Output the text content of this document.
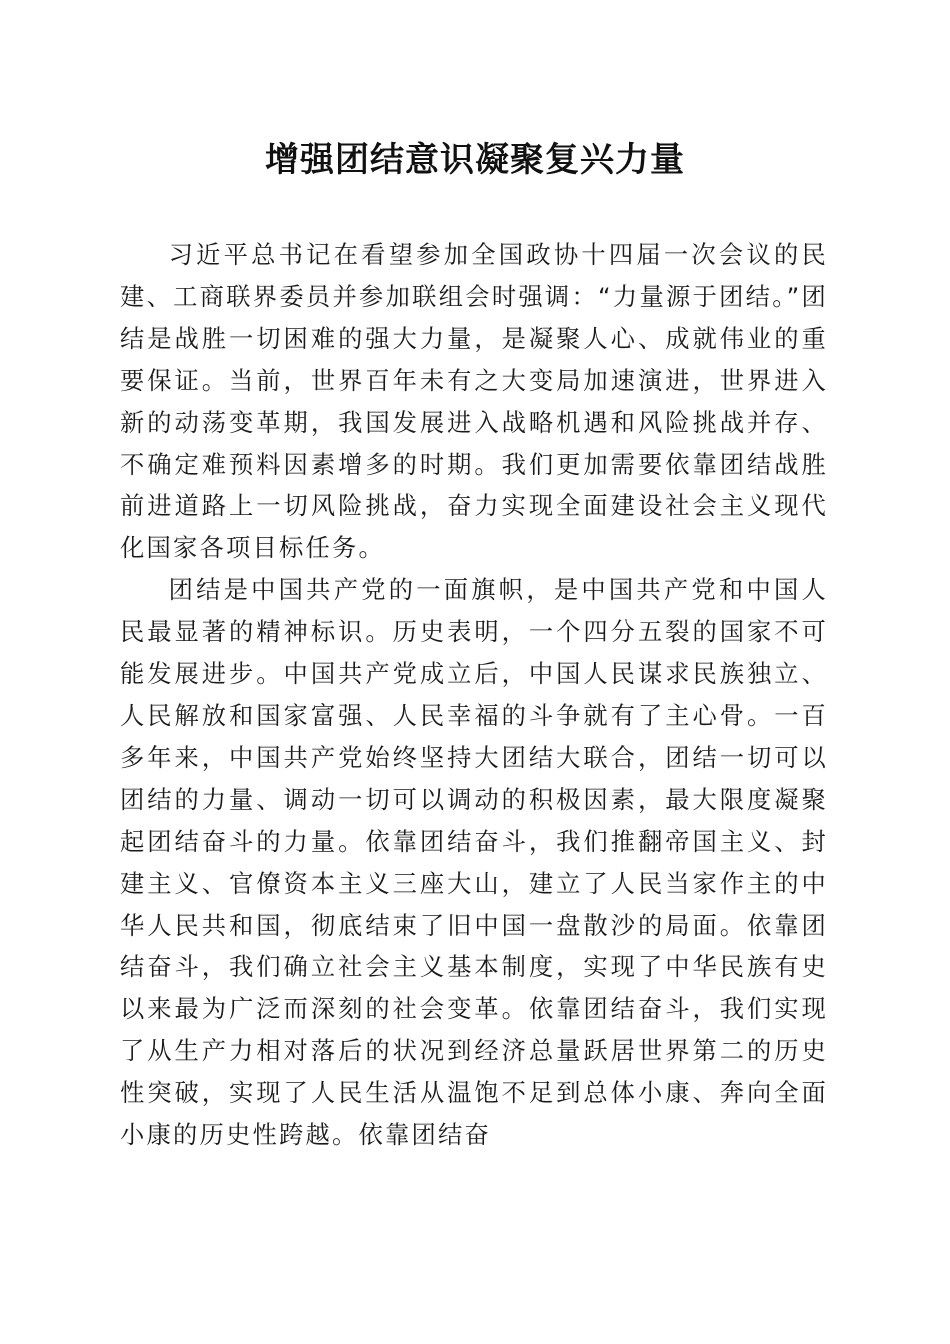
增强团结意识凝聚复兴力量

习近平总书记在看望参加全国政协十四届一次会议的民建、工商联界委员并参加联组会时强调：“力量源于团结。”团结是战胜一切困难的强大力量，是凝聚人心、成就伟业的重要保证。当前，世界百年未有之大变局加速演进，世界进入新的动荡变革期，我国发展进入战略机遇和风险挑战并存、不确定难预料因素增多的时期。我们更加需要依靠团结战胜前进道路上一切风险挑战，奋力实现全面建设社会主义现代化国家各项目标任务。

团结是中国共产党的一面旗帜，是中国共产党和中国人民最显著的精神标识。历史表明，一个四分五裂的国家不可能发展进步。中国共产党成立后，中国人民谋求民族独立、人民解放和国家富强、人民幸福的斗争就有了主心骨。一百多年来，中国共产党始终坚持大团结大联合，团结一切可以团结的力量、调动一切可以调动的积极因素，最大限度凝聚起团结奋斗的力量。依靠团结奋斗，我们推翻帝国主义、封建主义、官僚资本主义三座大山，建立了人民当家作主的中华人民共和国，彻底结束了旧中国一盘散沙的局面。依靠团结奋斗，我们确立社会主义基本制度，实现了中华民族有史以来最为广泛而深刻的社会变革。依靠团结奋斗，我们实现了从生产力相对落后的状况到经济总量跃居世界第二的历史性突破，实现了人民生活从温饱不足到总体小康、奔向全面小康的历史性跨越。依靠团结奋
